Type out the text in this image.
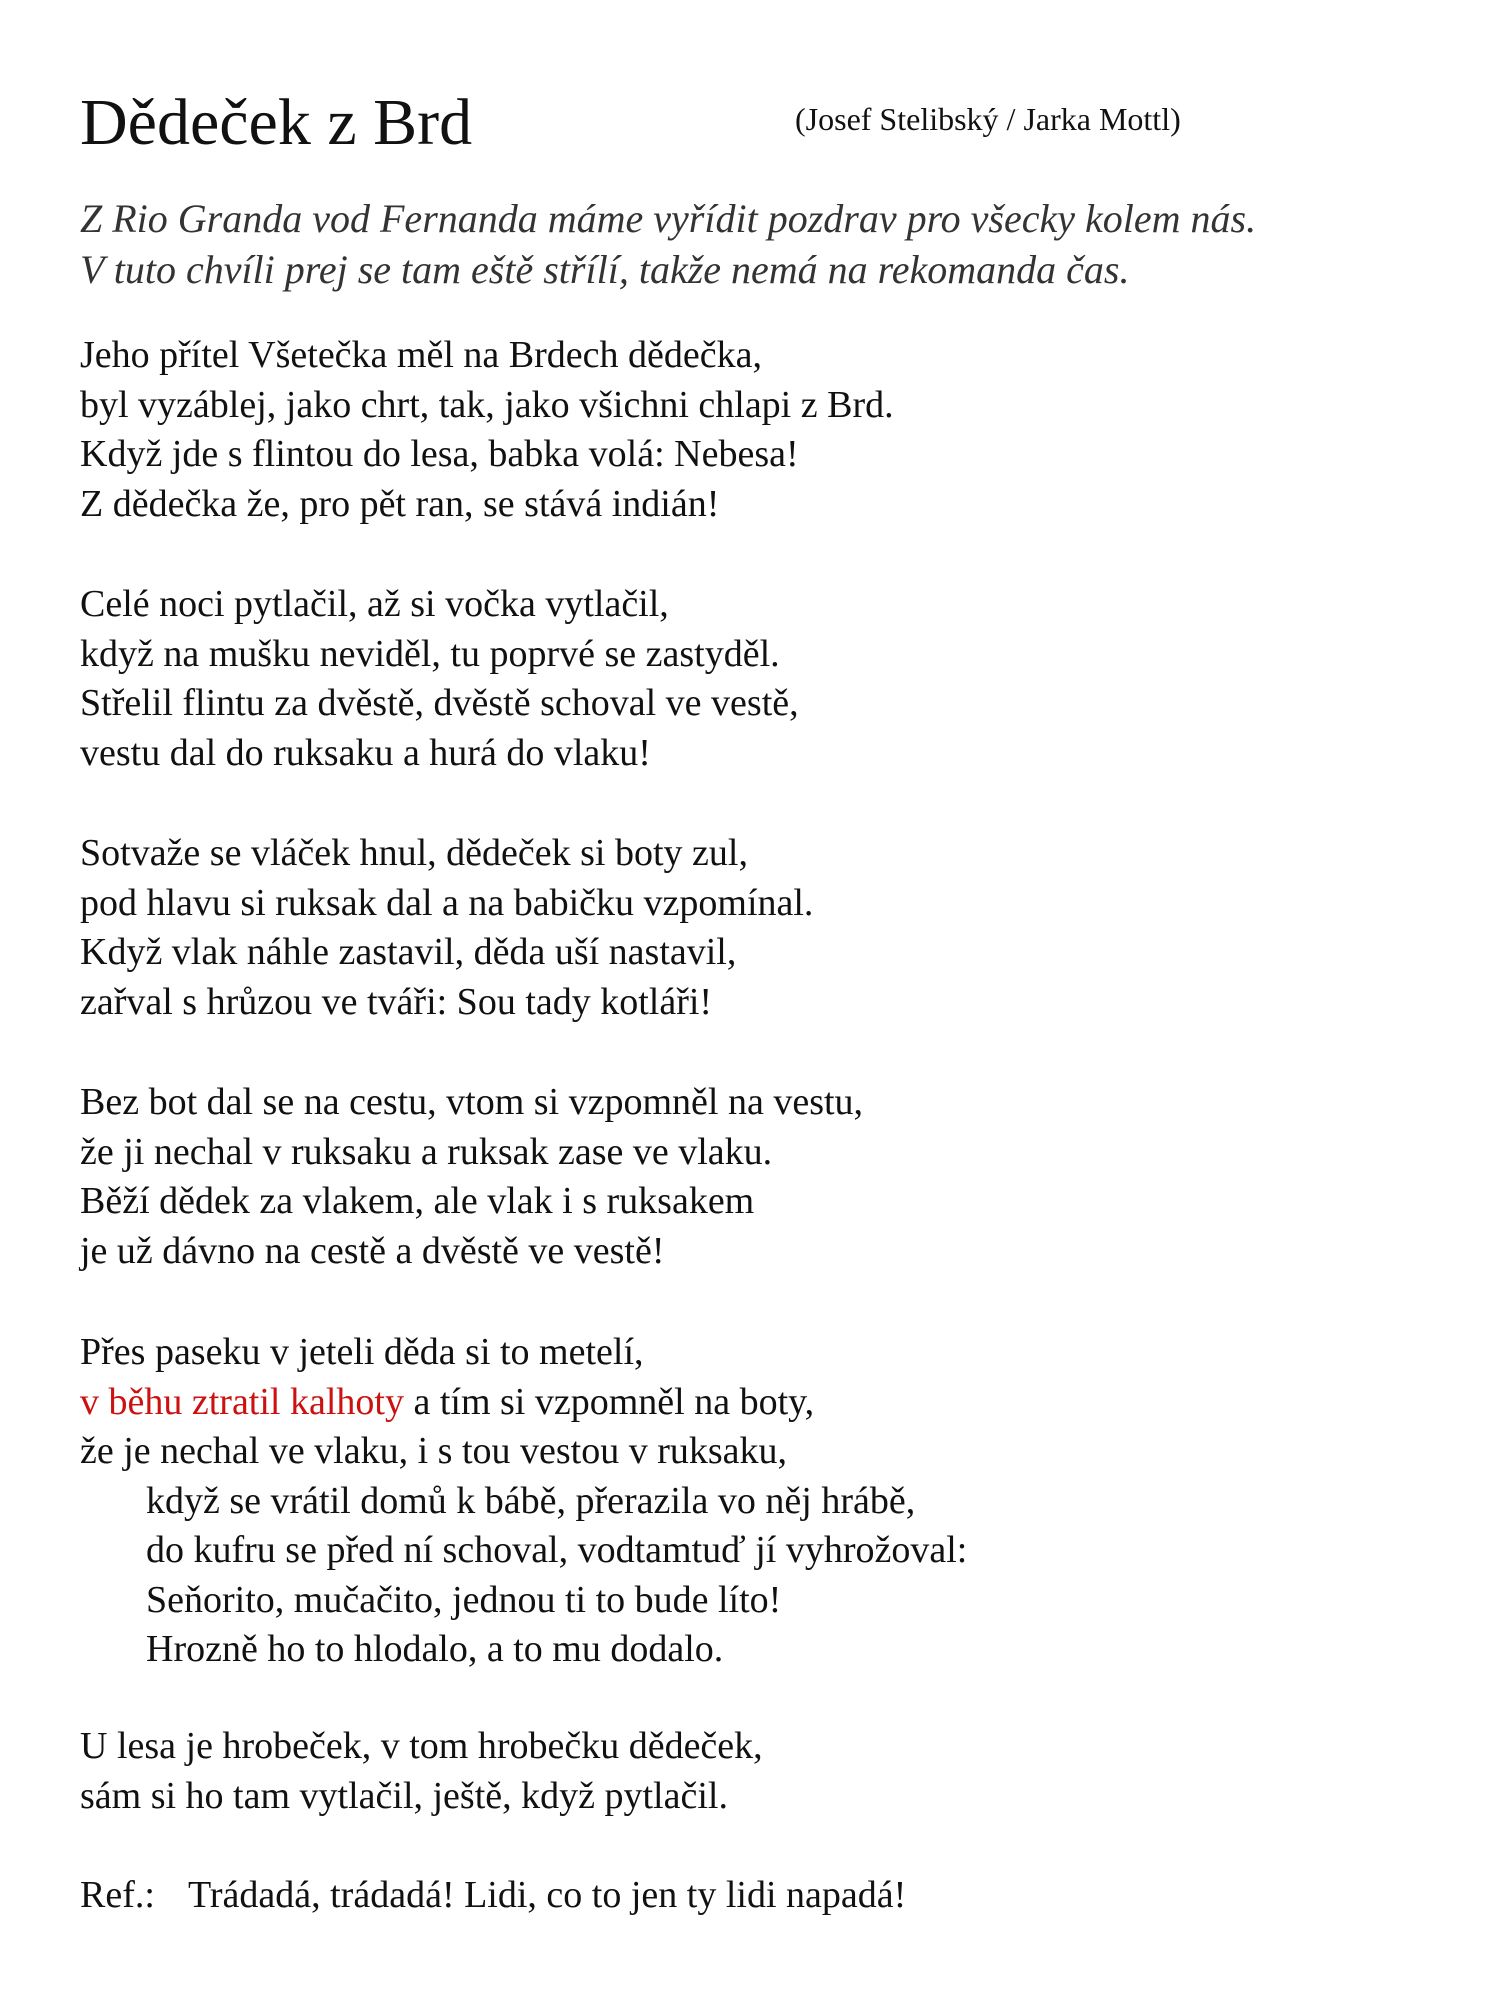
Dědeček z Brd	(Josef Stelibský / Jarka Mottl)
Z Rio Granda vod Fernanda máme vyřídit pozdrav pro všecky kolem nás.
V tuto chvíli prej se tam eště střílí, takže nemá na rekomanda čas.
Jeho přítel Všetečka měl na Brdech dědečka,
byl vyzáblej, jako chrt, tak, jako všichni chlapi z Brd.
Když jde s flintou do lesa, babka volá: Nebesa!
Z dědečka že, pro pět ran, se stává indián!
Celé noci pytlačil, až si vočka vytlačil,
když na mušku neviděl, tu poprvé se zastyděl.
Střelil flintu za dvěstě, dvěstě schoval ve vestě,
vestu dal do ruksaku a hurá do vlaku!
Sotvaže se vláček hnul, dědeček si boty zul,
pod hlavu si ruksak dal a na babičku vzpomínal.
Když vlak náhle zastavil, děda uší nastavil,
zařval s hrůzou ve tváři: Sou tady kotláři!
Bez bot dal se na cestu, vtom si vzpomněl na vestu,
že ji nechal v ruksaku a ruksak zase ve vlaku.
Běží dědek za vlakem, ale vlak i s ruksakem
je už dávno na cestě a dvěstě ve vestě!
Přes paseku v jeteli děda si to metelí,
v běhu ztratil kalhoty a tím si vzpomněl na boty,
že je nechal ve vlaku, i s tou vestou v ruksaku,
když se vrátil domů k bábě, přerazila vo něj hrábě,
do kufru se před ní schoval, vodtamtuď jí vyhrožoval:
Seňorito, mučačito, jednou ti to bude líto!
Hrozně ho to hlodalo, a to mu dodalo.
U lesa je hrobeček, v tom hrobečku dědeček,
sám si ho tam vytlačil, ještě, když pytlačil.
Ref.: Trádadá, trádadá! Lidi, co to jen ty lidi napadá!
